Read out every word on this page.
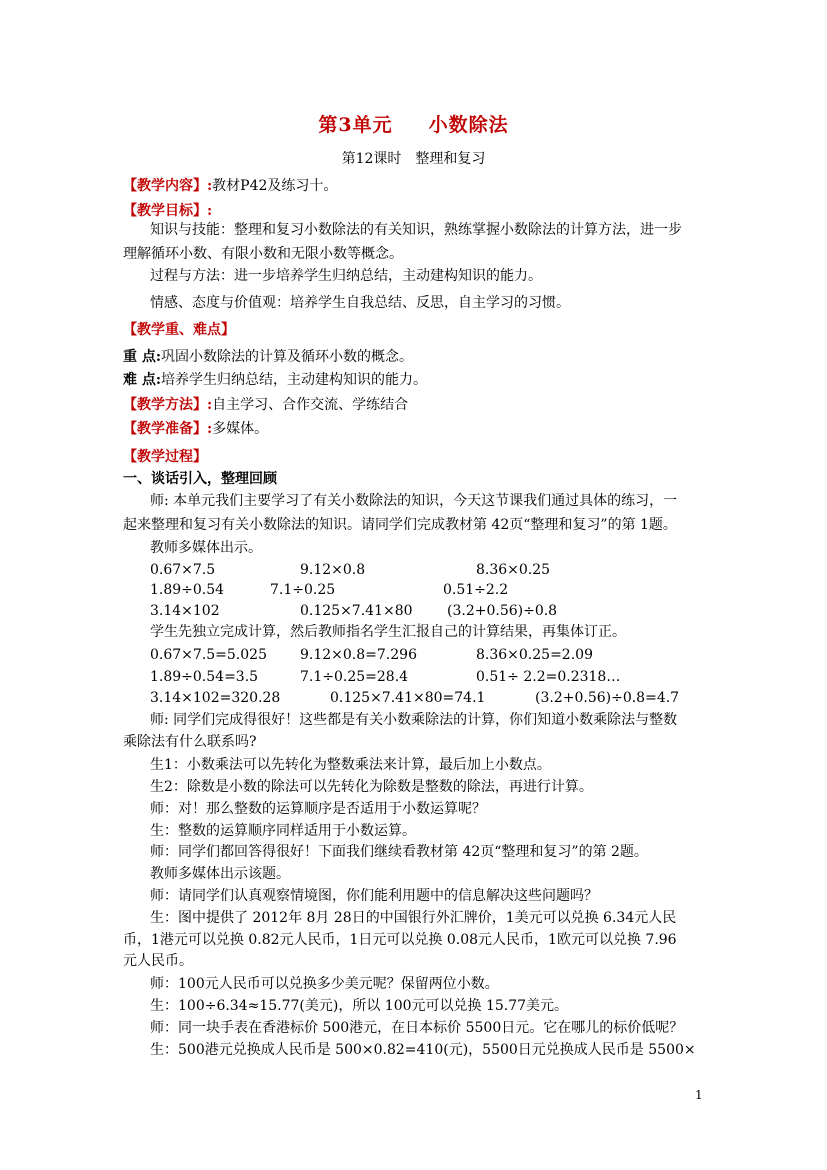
第3单元 小数除法
第12课时　整理和复习
【教学内容】:教材P42及练习十。
【教学目标】:
知识与技能：整理和复习小数除法的有关知识，熟练掌握小数除法的计算方法，进一步
理解循环小数、有限小数和无限小数等概念。
过程与方法：进一步培养学生归纳总结，主动建构知识的能力。
情感、态度与价值观：培养学生自我总结、反思，自主学习的习惯。
【教学重、难点】
重 点:巩固小数除法的计算及循环小数的概念。
难 点:培养学生归纳总结，主动建构知识的能力。
【教学方法】:自主学习、合作交流、学练结合
【教学准备】:多媒体。
【教学过程】
一、谈话引入，整理回顾
师: 本单元我们主要学习了有关小数除法的知识，今天这节课我们通过具体的练习，一
起来整理和复习有关小数除法的知识。请同学们完成教材第 42页“整理和复习”的第 1题。
教师多媒体出示。
0.67×7.5	9.12×0.8	8.36×0.25
1.89÷0.54	7.1÷0.25	0.51÷2.2
3.14×102	0.125×7.41×80 (3.2+0.56)÷0.8
学生先独立完成计算，然后教师指名学生汇报自己的计算结果，再集体订正。
0.67×7.5=5.025 9.12×0.8=7.296	8.36×0.25=2.09
1.89÷0.54=3.5	7.1÷0.25=28.4	0.51÷ 2.2=0.2318…
3.14×102=320.28	0.125×7.41×80=74.1	(3.2+0.56)÷0.8=4.7
师: 同学们完成得很好！这些都是有关小数乘除法的计算，你们知道小数乘除法与整数
乘除法有什么联系吗?
生1：小数乘法可以先转化为整数乘法来计算，最后加上小数点。
生2：除数是小数的除法可以先转化为除数是整数的除法，再进行计算。
师：对！那么整数的运算顺序是否适用于小数运算呢？
生：整数的运算顺序同样适用于小数运算。
师：同学们都回答得很好！下面我们继续看教材第 42页“整理和复习”的第 2题。
教师多媒体出示该题。
师：请同学们认真观察情境图，你们能利用题中的信息解决这些问题吗？
生：图中提供了 2012年 8月 28日的中国银行外汇牌价，1美元可以兑换 6.34元人民
币，1港元可以兑换 0.82元人民币，1日元可以兑换 0.08元人民币，1欧元可以兑换 7.96
元人民币。
师：100元人民币可以兑换多少美元呢？保留两位小数。
生：100÷6.34≈15.77(美元)，所以 100元可以兑换 15.77美元。
师：同一块手表在香港标价 500港元，在日本标价 5500日元。它在哪儿的标价低呢？
生：500港元兑换成人民币是 500×0.82=410(元)，5500日元兑换成人民币是 5500×
1
